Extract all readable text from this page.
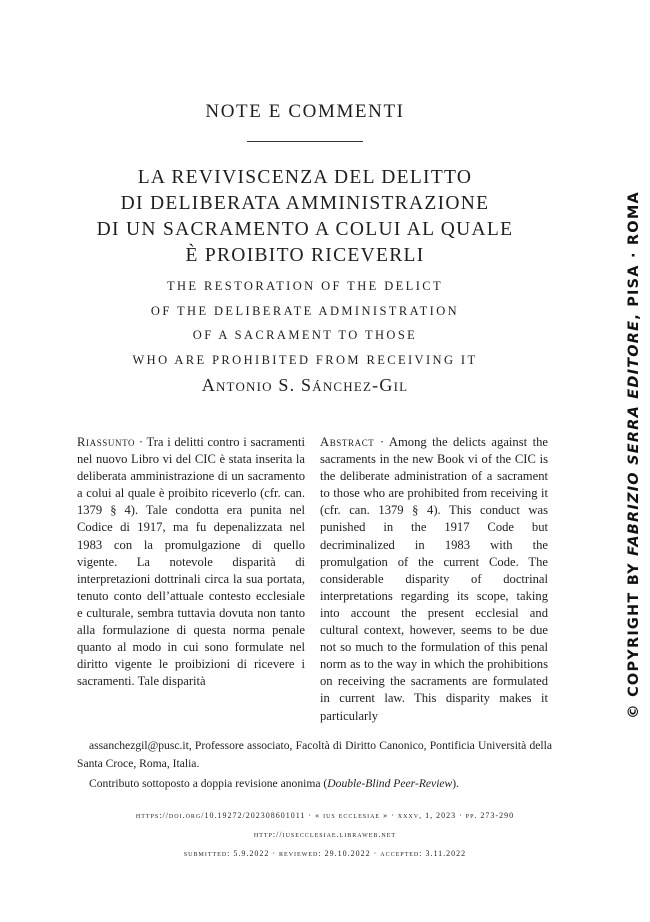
NOTE E COMMENTI
LA REVIVISCENZA DEL DELITTO
DI DELIBERATA AMMINISTRAZIONE
DI UN SACRAMENTO A COLUI AL QUALE
È PROIBITO RICEVERLI
THE RESTORATION OF THE DELICT
OF THE DELIBERATE ADMINISTRATION
OF A SACRAMENT TO THOSE
WHO ARE PROHIBITED FROM RECEIVING IT
Antonio S. Sánchez-Gil
Riassunto · Tra i delitti contro i sacramenti nel nuovo Libro vi del CIC è stata inserita la deliberata amministrazione di un sacramento a colui al quale è proibito riceverlo (cfr. can. 1379 § 4). Tale condotta era punita nel Codice di 1917, ma fu depenalizzata nel 1983 con la promulgazione di quello vigente. La notevole disparità di interpretazioni dottrinali circa la sua portata, tenuto conto dell’attuale contesto ecclesiale e culturale, sembra tuttavia dovuta non tanto alla formulazione di questa norma penale quanto al modo in cui sono formulate nel diritto vigente le proibizioni di ricevere i sacramenti. Tale disparità
Abstract · Among the delicts against the sacraments in the new Book vi of the CIC is the deliberate administration of a sacrament to those who are prohibited from receiving it (cfr. can. 1379 § 4). This conduct was punished in the 1917 Code but decriminalized in 1983 with the promulgation of the current Code. The considerable disparity of doctrinal interpretations regarding its scope, taking into account the present ecclesial and cultural context, however, seems to be due not so much to the formulation of this penal norm as to the way in which the prohibitions on receiving the sacraments are formulated in current law. This disparity makes it particularly

assanchezgil@pusc.it, Professore associato, Facoltà di Diritto Canonico, Pontificia Università della Santa Croce, Roma, Italia.

Contributo sottoposto a doppia revisione anonima (Double-Blind Peer-Review).

https://doi.org/10.19272/202308601011 · « ius ecclesiae » · xxxv, 1, 2023 · pp. 273-290
http://iusecclesiae.libraweb.net
submitted: 5.9.2022 · reviewed: 29.10.2022 · accepted: 3.11.2022
© COPYRIGHT BY FABRIZIO SERRA EDITORE, PISA · ROMA
